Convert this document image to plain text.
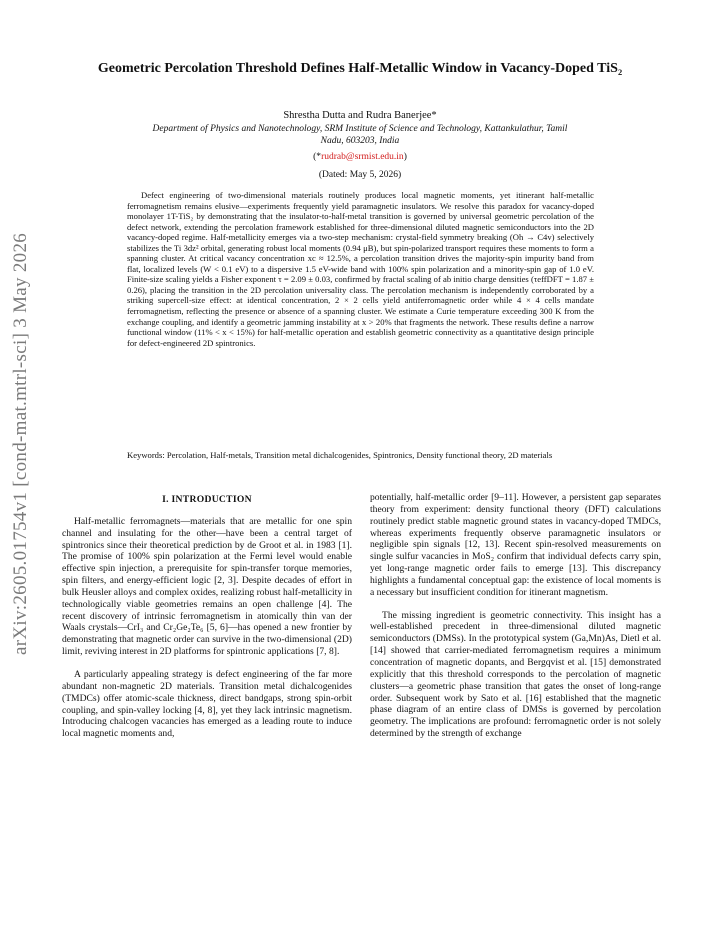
arXiv:2605.01754v1 [cond-mat.mtrl-sci] 3 May 2026
Geometric Percolation Threshold Defines Half-Metallic Window in Vacancy-Doped TiS₂
Shrestha Dutta and Rudra Banerjee*
Department of Physics and Nanotechnology, SRM Institute of Science and Technology, Kattankulathur, Tamil Nadu, 603203, India
(*rudrab@srmist.edu.in)
(Dated: May 5, 2026)
Defect engineering of two-dimensional materials routinely produces local magnetic moments, yet itinerant half-metallic ferromagnetism remains elusive—experiments frequently yield paramagnetic insulators. We resolve this paradox for vacancy-doped monolayer 1T-TiS₂ by demonstrating that the insulator-to-half-metal transition is governed by universal geometric percolation of the defect network, extending the percolation framework established for three-dimensional diluted magnetic semiconductors into the 2D vacancy-doped regime. Half-metallicity emerges via a two-step mechanism: crystal-field symmetry breaking (Oh → C4v) selectively stabilizes the Ti 3dz² orbital, generating robust local moments (0.94 μB), but spin-polarized transport requires these moments to form a spanning cluster. At critical vacancy concentration xc ≈ 12.5%, a percolation transition drives the majority-spin impurity band from flat, localized levels (W < 0.1 eV) to a dispersive 1.5 eV-wide band with 100% spin polarization and a minority-spin gap of 1.0 eV. Finite-size scaling yields a Fisher exponent τ = 2.09 ± 0.03, confirmed by fractal scaling of ab initio charge densities (τeffDFT = 1.87 ± 0.26), placing the transition in the 2D percolation universality class. The percolation mechanism is independently corroborated by a striking supercell-size effect: at identical concentration, 2 × 2 cells yield antiferromagnetic order while 4 × 4 cells mandate ferromagnetism, reflecting the presence or absence of a spanning cluster. We estimate a Curie temperature exceeding 300 K from the exchange coupling, and identify a geometric jamming instability at x > 20% that fragments the network. These results define a narrow functional window (11% < x < 15%) for half-metallic operation and establish geometric connectivity as a quantitative design principle for defect-engineered 2D spintronics.
Keywords: Percolation, Half-metals, Transition metal dichalcogenides, Spintronics, Density functional theory, 2D materials
I. INTRODUCTION

Half-metallic ferromagnets—materials that are metallic for one spin channel and insulating for the other—have been a central target of spintronics since their theoretical prediction by de Groot et al. in 1983 [1]. The promise of 100% spin polarization at the Fermi level would enable effective spin injection, a prerequisite for spin-transfer torque memories, spin filters, and energy-efficient logic [2, 3]. Despite decades of effort in bulk Heusler alloys and complex oxides, realizing robust half-metallicity in technologically viable geometries remains an open challenge [4]. The recent discovery of intrinsic ferromagnetism in atomically thin van der Waals crystals—CrI₃ and Cr₂Ge₂Te₆ [5, 6]—has opened a new frontier by demonstrating that magnetic order can survive in the two-dimensional (2D) limit, reviving interest in 2D platforms for spintronic applications [7, 8].

A particularly appealing strategy is defect engineering of the far more abundant non-magnetic 2D materials. Transition metal dichalcogenides (TMDCs) offer atomic-scale thickness, direct bandgaps, strong spin-orbit coupling, and spin-valley locking [4, 8], yet they lack intrinsic magnetism. Introducing chalcogen vacancies has emerged as a leading route to induce local magnetic moments and,

potentially, half-metallic order [9–11]. However, a persistent gap separates theory from experiment: density functional theory (DFT) calculations routinely predict stable magnetic ground states in vacancy-doped TMDCs, whereas experiments frequently observe paramagnetic insulators or negligible spin signals [12, 13]. Recent spin-resolved measurements on single sulfur vacancies in MoS₂ confirm that individual defects carry spin, yet long-range magnetic order fails to emerge [13]. This discrepancy highlights a fundamental conceptual gap: the existence of local moments is a necessary but insufficient condition for itinerant magnetism.

The missing ingredient is geometric connectivity. This insight has a well-established precedent in three-dimensional diluted magnetic semiconductors (DMSs). In the prototypical system (Ga,Mn)As, Dietl et al. [14] showed that carrier-mediated ferromagnetism requires a minimum concentration of magnetic dopants, and Bergqvist et al. [15] demonstrated explicitly that this threshold corresponds to the percolation of magnetic clusters—a geometric phase transition that gates the onset of long-range order. Subsequent work by Sato et al. [16] established that the magnetic phase diagram of an entire class of DMSs is governed by percolation geometry. The implications are profound: ferromagnetic order is not solely determined by the strength of exchange
